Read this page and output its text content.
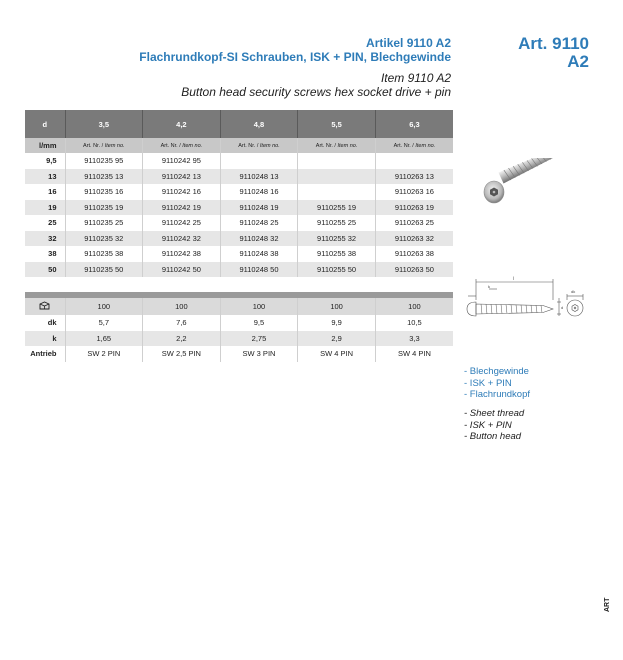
Artikel 9110 A2
Flachrundkopf-SI Schrauben, ISK + PIN, Blechgewinde
Item 9110 A2
Button head security screws hex socket drive + pin
Art. 9110
A2
d	3,5	4,2	4,8	5,5	6,3
l/mm	Art. Nr. / Item no.	Art. Nr. / Item no.	Art. Nr. / Item no.	Art. Nr. / Item no.	Art. Nr. / Item no.
9,5	9110235 95	9110242 95			
13	9110235 13	9110242 13	9110248 13		9110263 13
16	9110235 16	9110242 16	9110248 16		9110263 16
19	9110235 19	9110242 19	9110248 19	9110255 19	9110263 19
25	9110235 25	9110242 25	9110248 25	9110255 25	9110263 25
32	9110235 32	9110242 32	9110248 32	9110255 32	9110263 32
38	9110235 38	9110242 38	9110248 38	9110255 38	9110263 38
50	9110235 50	9110242 50	9110248 50	9110255 50	9110263 50

	100	100	100	100	100
dk	5,7	7,6	9,5	9,9	10,5
k	1,65	2,2	2,75	2,9	3,3
Antrieb	SW 2 PIN	SW 2,5 PIN	SW 3 PIN	SW 4 PIN	SW 4 PIN
l
k
dk
d
- Blechgewinde
- ISK + PIN
- Flachrundkopf
- Sheet thread
- ISK + PIN
- Button head
ART
